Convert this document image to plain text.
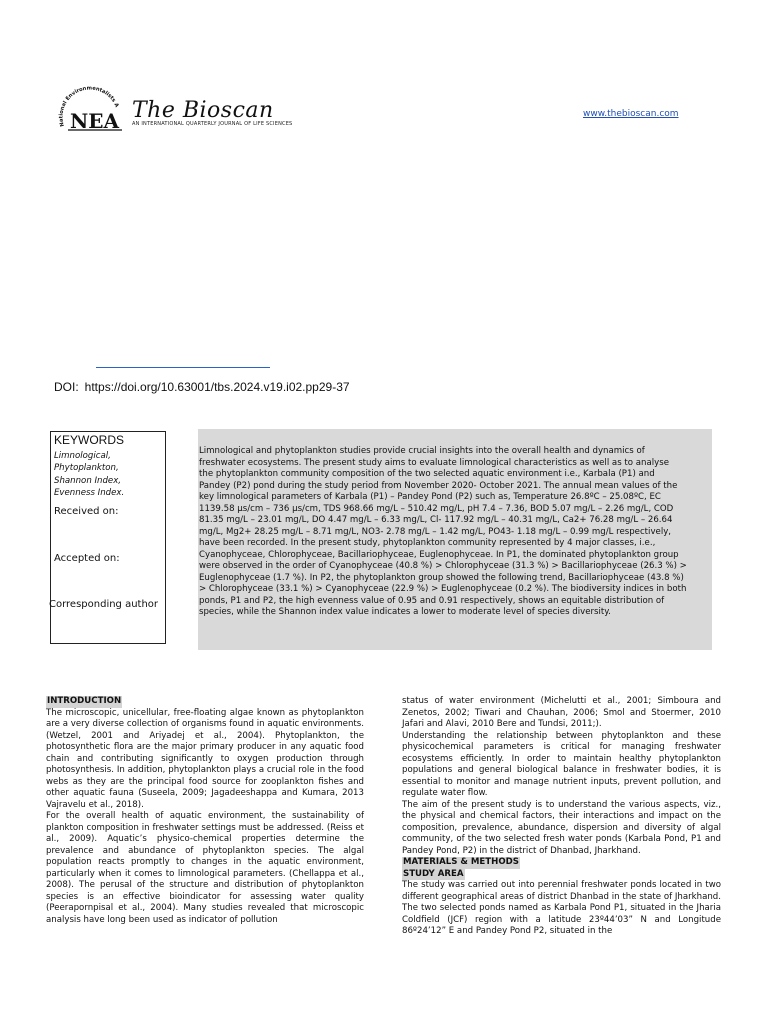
National Environmentalists A
NEA The Bioscan
AN INTERNATIONAL QUARTERLY JOURNAL OF LIFE SCIENCES
www.thebioscan.com
DOI: https://doi.org/10.63001/tbs.2024.v19.i02.pp29-37
KEYWORDS
Limnological,
Phytoplankton,
Shannon Index,
Evenness Index.
Received on:
Accepted on:
Corresponding author
Limnological and phytoplankton studies provide crucial insights into the overall health and dynamics of
freshwater ecosystems. The present study aims to evaluate limnological characteristics as well as to analyse
the phytoplankton community composition of the two selected aquatic environment i.e., Karbala (P1) and
Pandey (P2) pond during the study period from November 2020- October 2021. The annual mean values of the
key limnological parameters of Karbala (P1) – Pandey Pond (P2) such as, Temperature 26.8ºC – 25.08ºC, EC
1139.58 µs/cm – 736 µs/cm, TDS 968.66 mg/L – 510.42 mg/L, pH 7.4 – 7.36, BOD 5.07 mg/L – 2.26 mg/L, COD
81.35 mg/L – 23.01 mg/L, DO 4.47 mg/L – 6.33 mg/L, Cl- 117.92 mg/L – 40.31 mg/L, Ca2+ 76.28 mg/L – 26.64
mg/L, Mg2+ 28.25 mg/L – 8.71 mg/L, NO3- 2.78 mg/L – 1.42 mg/L, PO43- 1.18 mg/L – 0.99 mg/L respectively,
have been recorded. In the present study, phytoplankton community represented by 4 major classes, i.e.,
Cyanophyceae, Chlorophyceae, Bacillariophyceae, Euglenophyceae. In P1, the dominated phytoplankton group
were observed in the order of Cyanophyceae (40.8 %) > Chlorophyceae (31.3 %) > Bacillariophyceae (26.3 %) >
Euglenophyceae (1.7 %). In P2, the phytoplankton group showed the following trend, Bacillariophyceae (43.8 %)
> Chlorophyceae (33.1 %) > Cyanophyceae (22.9 %) > Euglenophyceae (0.2 %). The biodiversity indices in both
ponds, P1 and P2, the high evenness value of 0.95 and 0.91 respectively, shows an equitable distribution of
species, while the Shannon index value indicates a lower to moderate level of species diversity.
INTRODUCTION

The microscopic, unicellular, free-floating algae known as phytoplankton are a very diverse collection of organisms found in aquatic environments. (Wetzel, 2001 and Ariyadej et al., 2004). Phytoplankton, the photosynthetic flora are the major primary producer in any aquatic food chain and contributing significantly to oxygen production through photosynthesis. In addition, phytoplankton plays a crucial role in the food webs as they are the principal food source for zooplankton fishes and other aquatic fauna (Suseela, 2009; Jagadeeshappa and Kumara, 2013 Vajravelu et al., 2018).

For the overall health of aquatic environment, the sustainability of plankton composition in freshwater settings must be addressed. (Reiss et al., 2009). Aquatic’s physico-chemical properties determine the prevalence and abundance of phytoplankton species. The algal population reacts promptly to changes in the aquatic environment, particularly when it comes to limnological parameters. (Chellappa et al., 2008). The perusal of the structure and distribution of phytoplankton species is an effective bioindicator for assessing water quality (Peerapornpisal et al., 2004). Many studies revealed that microscopic analysis have long been used as indicator of pollution

status of water environment (Michelutti et al., 2001; Simboura and Zenetos, 2002; Tiwari and Chauhan, 2006; Smol and Stoermer, 2010 Jafari and Alavi, 2010 Bere and Tundsi, 2011;).

Understanding the relationship between phytoplankton and these physicochemical parameters is critical for managing freshwater ecosystems efficiently. In order to maintain healthy phytoplankton populations and general biological balance in freshwater bodies, it is essential to monitor and manage nutrient inputs, prevent pollution, and regulate water flow.

The aim of the present study is to understand the various aspects, viz., the physical and chemical factors, their interactions and impact on the composition, prevalence, abundance, dispersion and diversity of algal community, of the two selected fresh water ponds (Karbala Pond, P1 and Pandey Pond, P2) in the district of Dhanbad, Jharkhand.

MATERIALS & METHODS
STUDY AREA

The study was carried out into perennial freshwater ponds located in two different geographical areas of district Dhanbad in the state of Jharkhand. The two selected ponds named as Karbala Pond P1, situated in the Jharia Coldfield (JCF) region with a latitude 23º44’03” N and Longitude 86º24’12” E and Pandey Pond P2, situated in the
